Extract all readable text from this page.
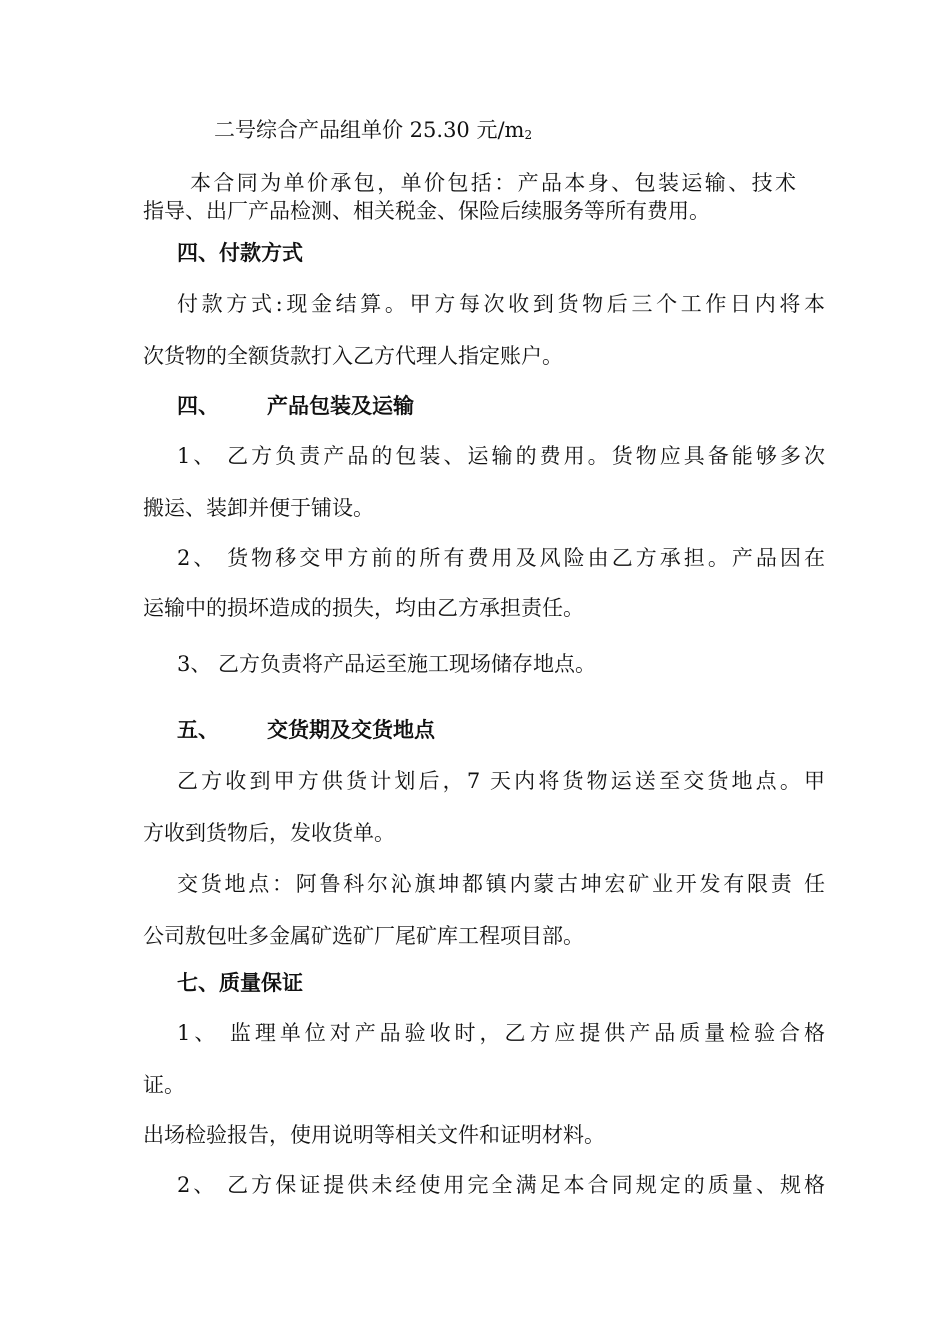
二号综合产品组单价 25.30 元/m2
本合同为单价承包，单价包括：产品本身、包装运输、技术
指导、出厂产品检测、相关税金、保险后续服务等所有费用。
四、付款方式
付款方式:现金结算。甲方每次收到货物后三个工作日内将本
次货物的全额货款打入乙方代理人指定账户。
四、 产品包装及运输
1、 乙方负责产品的包装、运输的费用。货物应具备能够多次
搬运、装卸并便于铺设。
2、 货物移交甲方前的所有费用及风险由乙方承担。产品因在
运输中的损坏造成的损失，均由乙方承担责任。
3、 乙方负责将产品运至施工现场储存地点。
五、 交货期及交货地点
乙方收到甲方供货计划后，7 天内将货物运送至交货地点。甲
方收到货物后，发收货单。
交货地点：阿鲁科尔沁旗坤都镇内蒙古坤宏矿业开发有限责 任
公司敖包吐多金属矿选矿厂尾矿库工程项目部。
七、质量保证
1、 监理单位对产品验收时，乙方应提供产品质量检验合格
证。
出场检验报告，使用说明等相关文件和证明材料。
2、 乙方保证提供未经使用完全满足本合同规定的质量、规格
